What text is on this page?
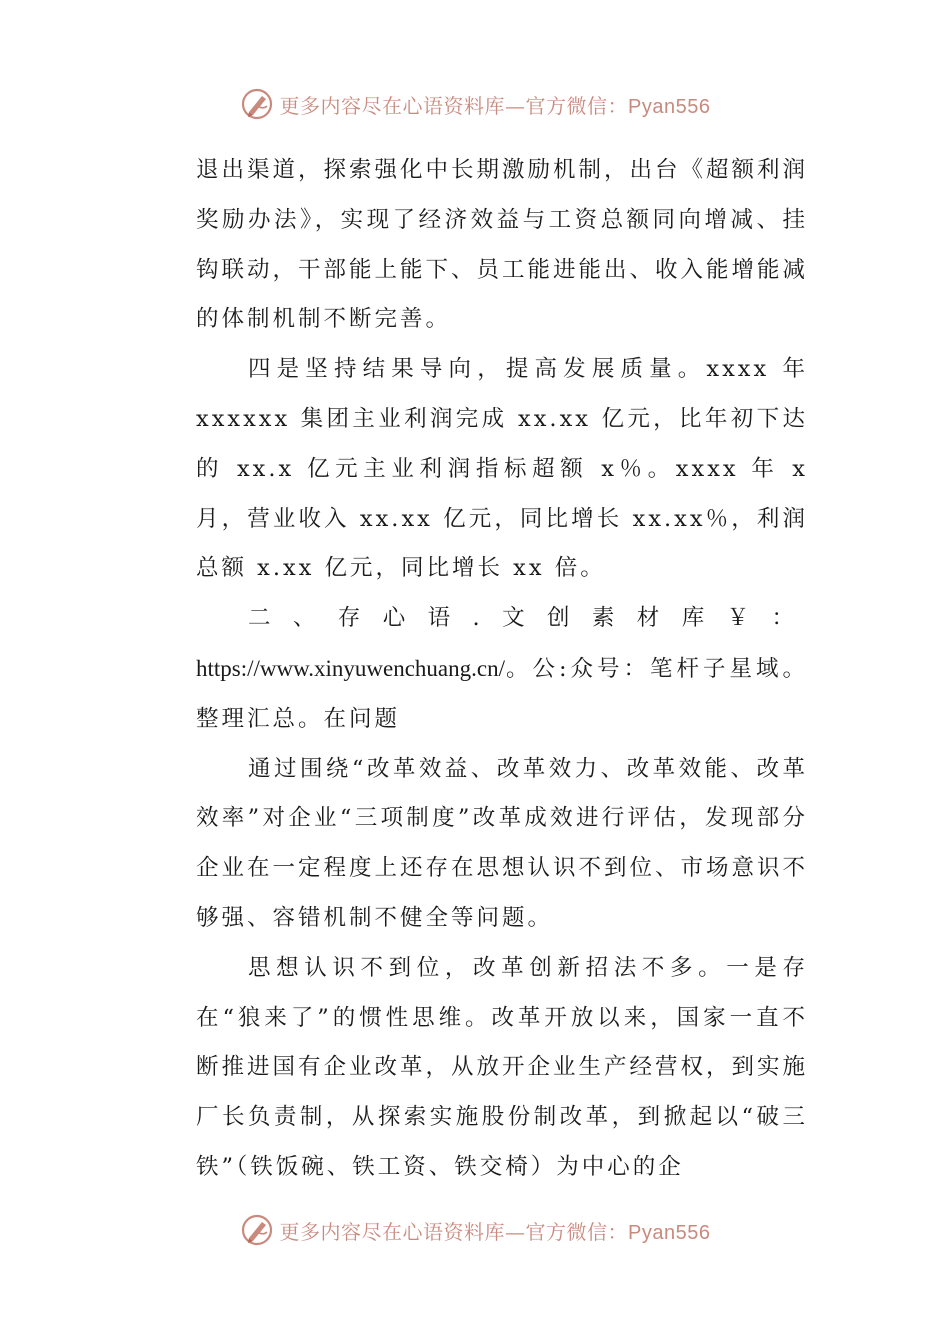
更多内容尽在心语资料库—官方微信：Pyan556

退出渠道，探索强化中长期激励机制，出台《超额利润奖励办法》，实现了经济效益与工资总额同向增减、挂钩联动，干部能上能下、员工能进能出、收入能增能减的体制机制不断完善。

四是坚持结果导向，提高发展质量。xxxx 年 xxxxxx 集团主业利润完成 xx.xx 亿元，比年初下达的 xx.x 亿元主业利润指标超额 x％。xxxx 年 x 月，营业收入 xx.xx 亿元，同比增长 xx.xx％，利润总额 x.xx 亿元，同比增长 xx 倍。

二、存心语.文创素材库￥：https://www.xinyuwenchuang.cn/。公:众号：笔杆子星域。整理汇总。在问题

通过围绕“改革效益、改革效力、改革效能、改革效率”对企业“三项制度”改革成效进行评估，发现部分企业在一定程度上还存在思想认识不到位、市场意识不够强、容错机制不健全等问题。

思想认识不到位，改革创新招法不多。一是存在“狼来了”的惯性思维。改革开放以来，国家一直不断推进国有企业改革，从放开企业生产经营权，到实施厂长负责制，从探索实施股份制改革，到掀起以“破三铁”（铁饭碗、铁工资、铁交椅）为中心的企

更多内容尽在心语资料库—官方微信：Pyan556
